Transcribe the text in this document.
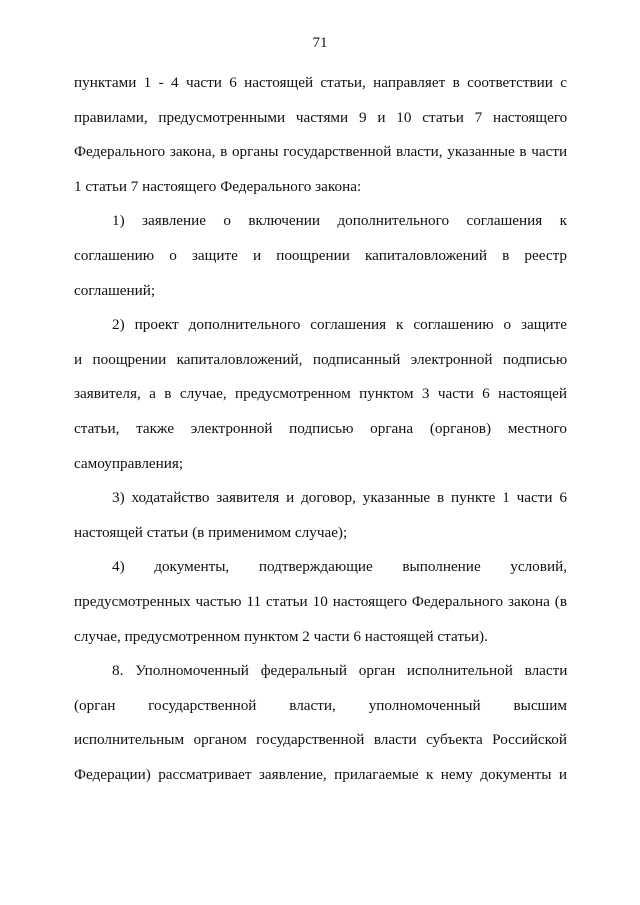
71
пунктами 1 - 4 части 6 настоящей статьи, направляет в соответствии с
правилами, предусмотренными частями 9 и 10 статьи 7 настоящего
Федерального закона, в органы государственной власти, указанные в части
1 статьи 7 настоящего Федерального закона:
1) заявление о включении дополнительного соглашения к
соглашению о защите и поощрении капиталовложений в реестр
соглашений;
2) проект дополнительного соглашения к соглашению о защите
и поощрении капиталовложений, подписанный электронной подписью
заявителя, а в случае, предусмотренном пунктом 3 части 6 настоящей
статьи, также электронной подписью органа (органов) местного
самоуправления;
3) ходатайство заявителя и договор, указанные в пункте 1 части 6
настоящей статьи (в применимом случае);
4) документы, подтверждающие выполнение условий,
предусмотренных частью 11 статьи 10 настоящего Федерального закона (в
случае, предусмотренном пунктом 2 части 6 настоящей статьи).
8. Уполномоченный федеральный орган исполнительной власти
(орган государственной власти, уполномоченный высшим
исполнительным органом государственной власти субъекта Российской
Федерации) рассматривает заявление, прилагаемые к нему документы и
